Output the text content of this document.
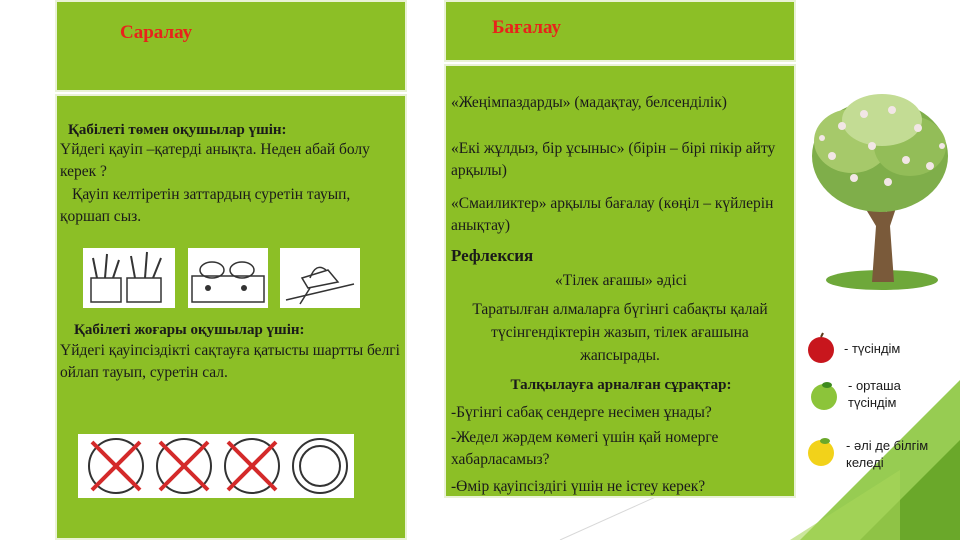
Саралау
Қабілеті төмен оқушылар үшін:
Үйдегі қауіп –қатерді анықта. Неден абай болу керек ?
Қауіп келтіретін заттардың суретін тауып, қоршап сыз.
Қабілеті жоғары оқушылар үшін:
Үйдегі қауіпсіздікті сақтауға қатысты шартты белгі ойлап тауып, суретін сал.
Бағалау
«Жеңімпаздарды» (мадақтау, белсенділік)
«Екі жұлдыз, бір ұсыныс» (бірін – бірі пікір айту арқылы)
«Смаиликтер» арқылы бағалау (көңіл – күйлерін анықтау)
Рефлексия
«Тілек ағашы» әдісі
Таратылған алмаларға бүгінгі сабақты қалай түсінгендіктерін жазып, тілек ағашына жапсырады.
Талқылауға арналған сұрақтар:
-Бүгінгі сабақ сендерге несімен ұнады?
-Жедел жәрдем көмегі үшін қай номерге хабарласамыз?
-Өмір қауіпсіздігі үшін не істеу керек?
- түсіндім
- орташа түсіндім
- әлі де білгім келеді
